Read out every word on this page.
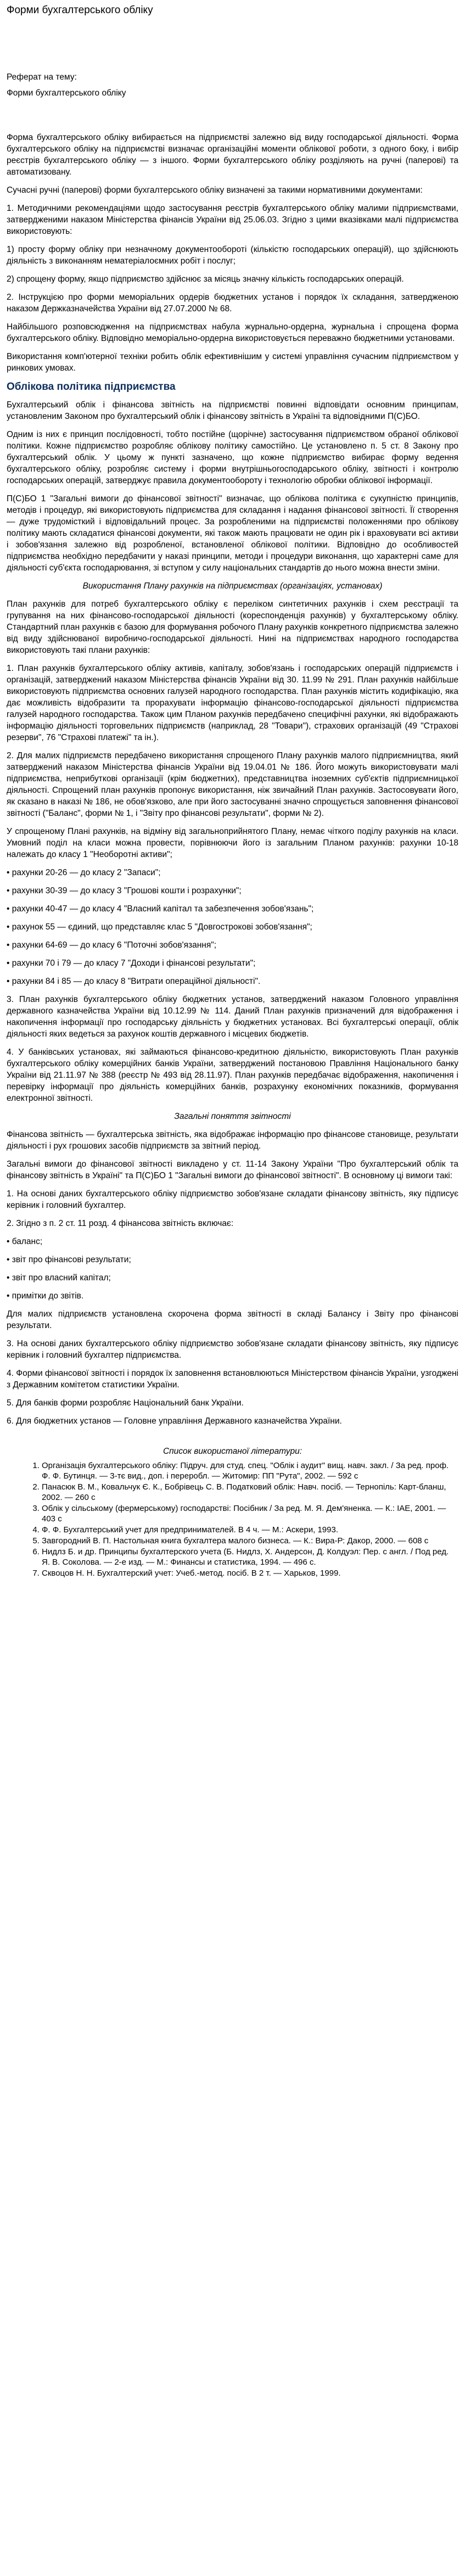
Форми бухгалтерського обліку

Реферат на тему:

Форми бухгалтерського обліку

Форма бухгалтерського обліку вибирається на підприємстві залежно від виду господарської діяльності. Форма бухгалтерського обліку на підприємстві визначає організаційні моменти облікової роботи, з одного боку, і вибір реєстрів бухгалтерського обліку — з іншого. Форми бухгалтерського обліку розділяють на ручні (паперові) та автоматизовану.

Сучасні ручні (паперові) форми бухгалтерського обліку визначені за такими нормативними документами:

1. Методичними рекомендаціями щодо застосування реєстрів бухгалтерського обліку малими підприємствами, затвердженими наказом Міністерства фінансів України від 25.06.03. Згідно з цими вказівками малі підприємства використовують:

1) просту форму обліку при незначному документообороті (кількістю господарських операцій), що здійснюють діяльність з виконанням нематеріалоємних робіт і послуг;

2) спрощену форму, якщо підприємство здійснює за місяць значну кількість господарських операцій.

2. Інструкцією про форми меморіальних ордерів бюджетних установ і порядок їх складання, затвердженою наказом Держказначейства України від 27.07.2000 № 68.

Найбільшого розповсюдження на підприємствах набула журнально-ордерна, журнальна і спрощена форма бухгалтерського обліку. Відповідно меморіально-ордерна використовується переважно бюджетними установами.

Використання комп'ютерної техніки робить облік ефективнішим у системі управління сучасним підприємством у ринкових умовах.

Облікова політика підприємства

Бухгалтерський облік і фінансова звітність на підприємстві повинні відповідати основним принципам, установленим Законом про бухгалтерський облік і фінансову звітність в Україні та відповідними П(С)БО.

Одним із них є принцип послідовності, тобто постійне (щорічне) застосування підприємством обраної облікової політики. Кожне підприємство розробляє облікову політику самостійно. Це установлено п. 5 ст. 8 Закону про бухгалтерський облік. У цьому ж пункті зазначено, що кожне підприємство вибирає форму ведення бухгалтерського обліку, розробляє систему і форми внутрішньогосподарського обліку, звітності і контролю господарських операцій, затверджує правила документообороту і технологію обробки облікової інформації.

П(С)БО 1 "Загальні вимоги до фінансової звітності" визначає, що облікова політика є сукупністю принципів, методів і процедур, які використовують підприємства для складання і надання фінансової звітності. Її створення — дуже трудомісткий і відповідальний процес. За розробленими на підприємстві положеннями про облікову політику мають складатися фінансові документи, які також мають працювати не один рік і враховувати всі активи і зобов'язання залежно від розробленої, встановленої облікової політики. Відповідно до особливостей підприємства необхідно передбачити у наказі принципи, методи і процедури виконання, що характерні саме для діяльності суб'єкта господарювання, зі вступом у силу національних стандартів до нього можна внести зміни.

Використання Плану рахунків на підприємствах (організаціях, установах)

План рахунків для потреб бухгалтерського обліку є переліком синтетичних рахунків і схем реєстрації та групування на них фінансово-господарської діяльності (кореспонденція рахунків) у бухгалтерському обліку. Стандартний план рахунків є базою для формування робочого Плану рахунків конкретного підприємства залежно від виду здійснюваної виробничо-господарської діяльності. Нині на підприємствах народного господарства використовують такі плани рахунків:

1. План рахунків бухгалтерського обліку активів, капіталу, зобов'язань і господарських операцій підприємств і організацій, затверджений наказом Міністерства фінансів України від 30. 11.99 № 291. План рахунків найбільше використовують підприємства основних галузей народного господарства. План рахунків містить кодифікацію, яка дає можливість відобразити та прорахувати інформацію фінансово-господарської діяльності підприємства галузей народного господарства. Також цим Планом рахунків передбачено специфічні рахунки, які відображають інформацію діяльності торговельних підприємств (наприклад, 28 "Товари"), страхових організацій (49 "Страхові резерви", 76 "Страхові платежі" та ін.).

2. Для малих підприємств передбачено використання спрощеного Плану рахунків малого підприємництва, який затверджений наказом Міністерства фінансів України від 19.04.01 № 186. Його можуть використовувати малі підприємства, неприбуткові організації (крім бюджетних), представництва іноземних суб'єктів підприємницької діяльності. Спрощений план рахунків пропонує використання, ніж звичайний План рахунків. Застосовувати його, як сказано в наказі № 186, не обов'язково, але при його застосуванні значно спрощується заповнення фінансової звітності ("Баланс", форми № 1, і "Звіту про фінансові результати", форми № 2).

У спрощеному Плані рахунків, на відміну від загальноприйнятого Плану, немає чіткого поділу рахунків на класи. Умовний поділ на класи можна провести, порівнюючи його із загальним Планом рахунків: рахунки 10-18 належать до класу 1 "Необоротні активи";

• рахунки 20-26 — до класу 2 "Запаси";
• рахунки 30-39 — до класу 3 "Грошові кошти і розрахунки";
• рахунки 40-47 — до класу 4 "Власний капітал та забезпечення зобов'язань";
• рахунок 55 — єдиний, що представляє клас 5 "Довгострокові зобов'язання";
• рахунки 64-69 — до класу 6 "Поточні зобов'язання";
• рахунки 70 і 79 — до класу 7 "Доходи і фінансові результати";
• рахунки 84 і 85 — до класу 8 "Витрати операційної діяльності".

3. План рахунків бухгалтерського обліку бюджетних установ, затверджений наказом Головного управління державного казначейства України від 10.12.99 № 114. Даний План рахунків призначений для відображення і накопичення інформації про господарську діяльність у бюджетних установах. Всі бухгалтерські операції, облік діяльності яких ведеться за рахунок коштів державного і місцевих бюджетів.

4. У банківських установах, які займаються фінансово-кредитною діяльністю, використовують План рахунків бухгалтерського обліку комерційних банків України, затверджений постановою Правління Національного банку України від 21.11.97 № 388 (реєстр № 493 від 28.11.97). План рахунків передбачає відображення, накопичення і перевірку інформації про діяльність комерційних банків, розрахунку економічних показників, формування електронної звітності.

Загальні поняття звітності

Фінансова звітність — бухгалтерська звітність, яка відображає інформацію про фінансове становище, результати діяльності і рух грошових засобів підприємств за звітний період.

Загальні вимоги до фінансової звітності викладено у ст. 11-14 Закону України "Про бухгалтерський облік та фінансову звітність в Україні" та П(С)БО 1 "Загальні вимоги до фінансової звітності". В основному ці вимоги такі:

1. На основі даних бухгалтерського обліку підприємство зобов'язане складати фінансову звітність, яку підписує керівник і головний бухгалтер.

2. Згідно з п. 2 ст. 11 розд. 4 фінансова звітність включає:

• баланс;
• звіт про фінансові результати;
• звіт про власний капітал;
• примітки до звітів.

Для малих підприємств установлена скорочена форма звітності в складі Балансу і Звіту про фінансові результати.

3. На основі даних бухгалтерського обліку підприємство зобов'язане складати фінансову звітність, яку підписує керівник і головний бухгалтер підприємства.

4. Форми фінансової звітності і порядок їх заповнення встановлюються Міністерством фінансів України, узгоджені з Державним комітетом статистики України.

5. Для банків форми розробляє Національний банк України.

6. Для бюджетних установ — Головне управління Державного казначейства України.

Список використаної літератури:

1. Організація бухгалтерського обліку: Підруч. для студ. спец. "Облік і аудит" вищ. навч. закл. / За ред. проф. Ф. Ф. Бутинця. — 3-тє вид., доп. і переробл. — Житомир: ПП "Рута", 2002. — 592 с
2. Панасюк В. М., Ковальчук Є. К., Бобрівець С. В. Податковий облік: Навч. посіб. — Тернопіль: Карт-бланш, 2002. — 260 с
3. Облік у сільському (фермерському) господарстві: Посібник / За ред. М. Я. Дем'яненка. — К.: ІАЕ, 2001. — 403 с
4. Ф. Ф. Бухгалтерський учет для предпринимателей. В 4 ч. — М.: Аскери, 1993.
5. Завгородний В. П. Настольная книга бухгалтера малого бизнеса. — К.: Вира-Р: Дакор, 2000. — 608 с
6. Нидлз Б. и др. Принципы бухгалтерского учета (Б. Нидлз, Х. Андерсон, Д. Колдуэл: Пер. с англ. / Под ред. Я. В. Соколова. — 2-е изд. — М.: Финансы и статистика, 1994. — 496 с.
7. Сквоцов Н. Н. Бухгалтерский учет: Учеб.-метод. посіб. В 2 т. — Харьков, 1999.
